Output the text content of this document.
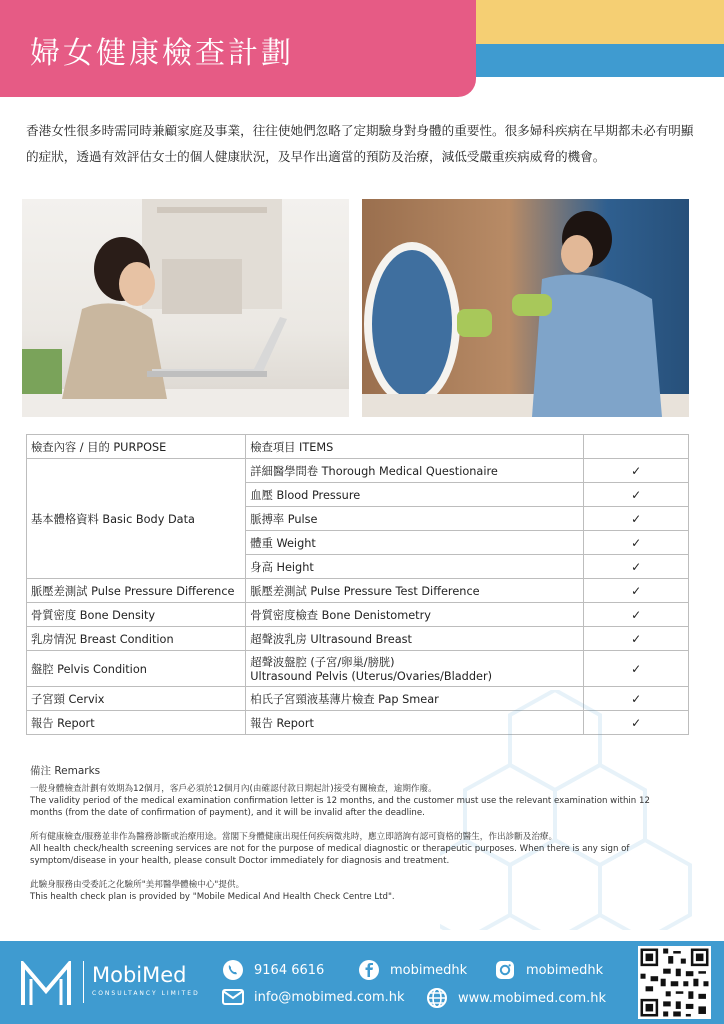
婦女健康檢查計劃
香港女性很多時需同時兼顧家庭及事業，往往使她們忽略了定期驗身對身體的重要性。很多婦科疾病在早期都未必有明顯的症狀，透過有效評估女士的個人健康狀況，及早作出適當的預防及治療，減低受嚴重疾病威脅的機會。
檢查內容 / 目的 PURPOSE	檢查項目 ITEMS	
基本體格資料 Basic Body Data	詳細醫學問卷 Thorough Medical Questionaire	✓
	血壓 Blood Pressure	✓
	脈搏率 Pulse	✓
	體重 Weight	✓
	身高 Height	✓
脈壓差測試 Pulse Pressure Difference	脈壓差測試 Pulse Pressure Test Difference	✓
骨質密度 Bone Density	骨質密度檢查 Bone Denistometry	✓
乳房情況 Breast Condition	超聲波乳房 Ultrasound Breast	✓
盤腔 Pelvis Condition	超聲波盤腔 (子宮/卵巢/膀胱)
Ultrasound Pelvis (Uterus/Ovaries/Bladder)	✓
子宮頸 Cervix	柏氏子宮頸液基薄片檢查 Pap Smear	✓
報告 Report	報告 Report	✓
備注 Remarks

一般身體檢查計劃有效期為12個月，客戶必須於12個月內(由確認付款日期起計)接受有關檢查，逾期作廢。
The validity period of the medical examination confirmation letter is 12 months, and the customer must use the relevant examination within 12 months (from the date of confirmation of payment), and it will be invalid after the deadline.

所有健康檢查/服務並非作為醫務診斷或治療用途。當閣下身體健康出現任何疾病徵兆時，應立即諮詢有認可資格的醫生，作出診斷及治療。
All health check/health screening services are not for the purpose of medical diagnostic or therapeutic purposes. When there is any sign of symptom/disease in your health, please consult Doctor immediately for diagnosis and treatment.

此驗身服務由受委託之化驗所"美邦醫學體檢中心"提供。
This health check plan is provided by "Mobile Medical And Health Check Centre Ltd".

MobiMed
CONSULTANCY LIMITED
9164 6616	mobimedhk	mobimedhk
info@mobimed.com.hk	www.mobimed.com.hk
